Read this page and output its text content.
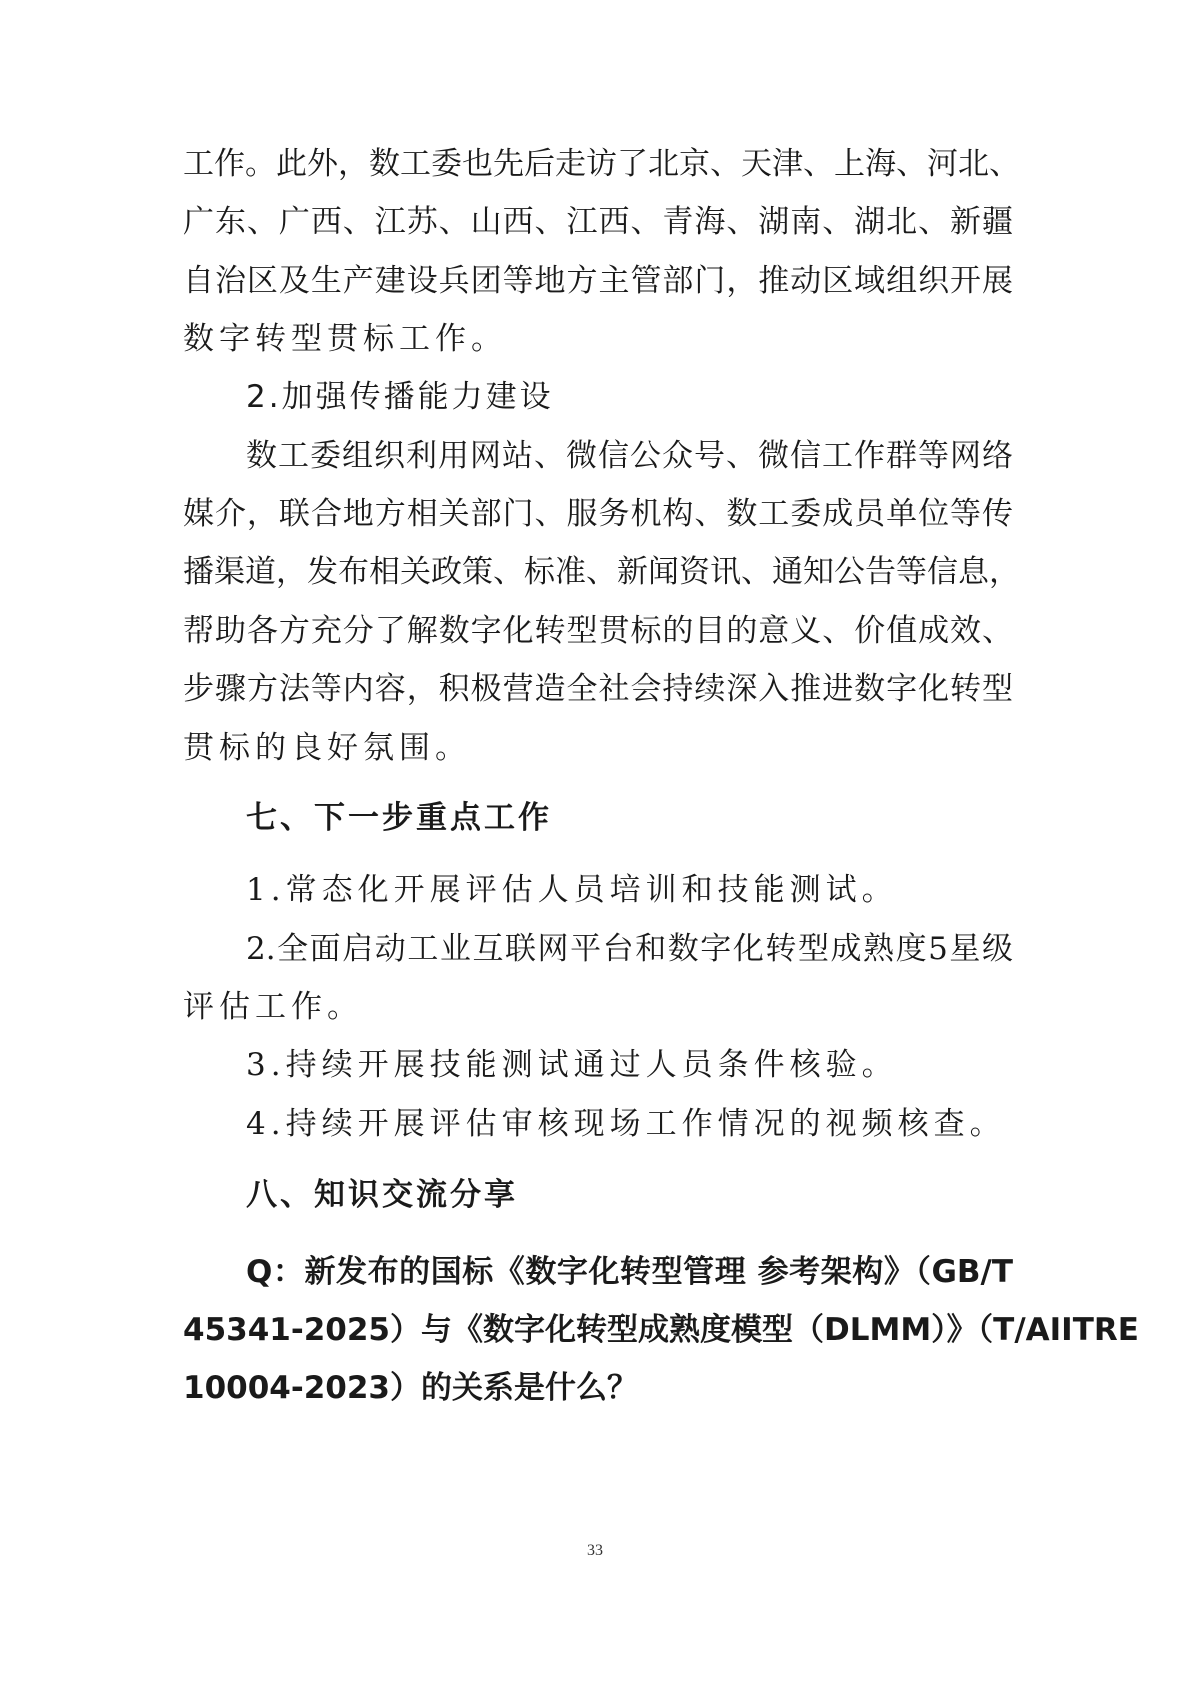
工作。此外，数工委也先后走访了北京、天津、上海、河北、
广东、广西、江苏、山西、江西、青海、湖南、湖北、新疆
自治区及生产建设兵团等地方主管部门，推动区域组织开展
数字转型贯标工作。
2.加强传播能力建设
数工委组织利用网站、微信公众号、微信工作群等网络
媒介，联合地方相关部门、服务机构、数工委成员单位等传
播渠道，发布相关政策、标准、新闻资讯、通知公告等信息，
帮助各方充分了解数字化转型贯标的目的意义、价值成效、
步骤方法等内容，积极营造全社会持续深入推进数字化转型
贯标的良好氛围。
七、下一步重点工作
1.常态化开展评估人员培训和技能测试。
2.全面启动工业互联网平台和数字化转型成熟度5星级
评估工作。
3.持续开展技能测试通过人员条件核验。
4.持续开展评估审核现场工作情况的视频核查。
八、知识交流分享
Q：新发布的国标《数字化转型管理 参考架构》（GB/T
45341-2025）与《数字化转型成熟度模型（DLMM）》（T/AIITRE
10004-2023）的关系是什么？
33
